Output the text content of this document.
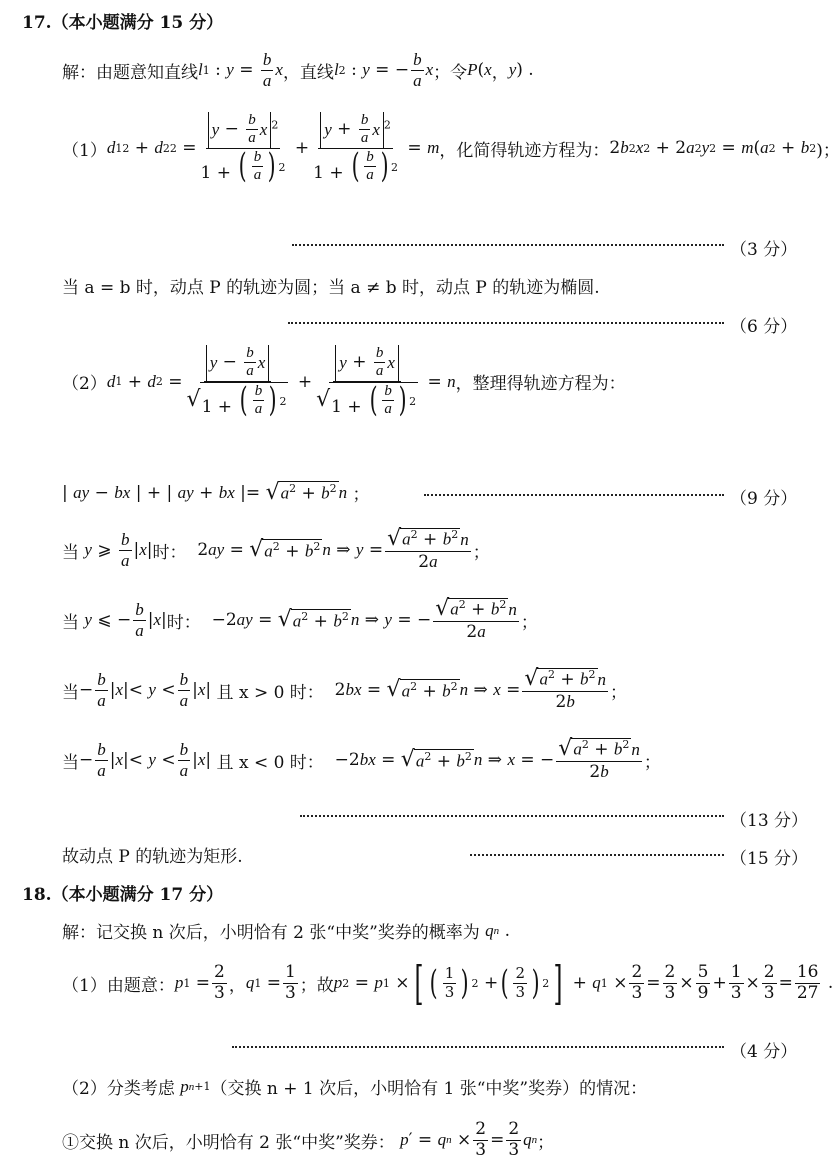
17.（本小题满分 15 分）
解：由题意知直线 l 1 : $y = \frac{b}{a}$ x ，直线 l 2 : y = − $\frac{b}{a}$ x ；令 P ( x ， y ) .
（1） d 1 2 + d 2 $2 = \frac{y - \frac{b}{a} x ^2}{1 + ( \frac{b}{a} ) ^2} + \frac{y + \frac{b}{a} x ^2}{1 + ( \frac{b}{a} ) ^2} = m$ ，化简得轨迹方程为： 2 b 2 x 2 + 2 a 2 y 2 = m ( a 2 + b 2 )；
（3 分）
当 a = b 时，动点 P 的轨迹为圆；当 a ≠ b 时，动点 P 的轨迹为椭圆.
（6 分）
（2） d 1 + d $2 = \frac{y - \frac{b}{a} x}{√ 1 + ( \frac{b}{a} ) ^2} + \frac{y + \frac{b}{a} x}{√ 1 + ( \frac{b}{a} ) ^2} = n$ ，整理得轨迹方程为：
| ay − bx | + | ay + bx |= √ $a^2 + b^2$ n ；	（9 分）
当
y ⩾ $\frac{b}{a}$ | x | 时： 2 ay = √ $a^2 + b^2$ n ⇒ $y = \frac{√ a^2 + b^2 n}{2a}$ ；
当
y ⩽ − $\frac{b}{a}$ | x | 时： −2 ay = √ $a^2 + b^2$ n ⇒ y = − $\frac{√ a^2 + b^2 n}{2a}$ ；
当 − $\frac{b}{a}$ | x |< $y < \frac{b}{a}$ | x | 且 x > 0 时： 2 bx = √ $a^2 + b^2$ n ⇒ $x = \frac{√ a^2 + b^2 n}{2b}$ ；
当 − $\frac{b}{a}$ | x |< $y < \frac{b}{a}$ | x | 且 x < 0 时： −2 bx = √ $a^2 + b^2$ n ⇒ x = − $\frac{√ a^2 + b^2 n}{2b}$ ；
（13 分）
故动点 P 的轨迹为矩形.	（15 分）
18.（本小题满分 17 分）
解：记交换 n 次后，小明恰有 2 张“中奖”奖券的概率为
q n .
（1）由题意： p $1 = \frac{2}{3}$ ， q $1 = \frac{1}{3}$ ；故 p 2 = p 1 × [ ( $\frac{1}{3}$ ) 2 + ( $\frac{2}{3}$ ) 2 ] + q $1 \times \frac{2}{3} = \frac{2}{3} \times \frac{5}{9} + \frac{1}{3} \times \frac{2}{3} = \frac{16}{27}$ .
（4 分）
（2）分类考虑
p n+1 （交换 n + 1 次后，小明恰有 1 张“中奖”奖券）的情况：
①交换 n 次后，小明恰有 2 张“中奖”奖券：
p ′ = q $n \times \frac{2}{3} = \frac{2}{3}$ q n ；
